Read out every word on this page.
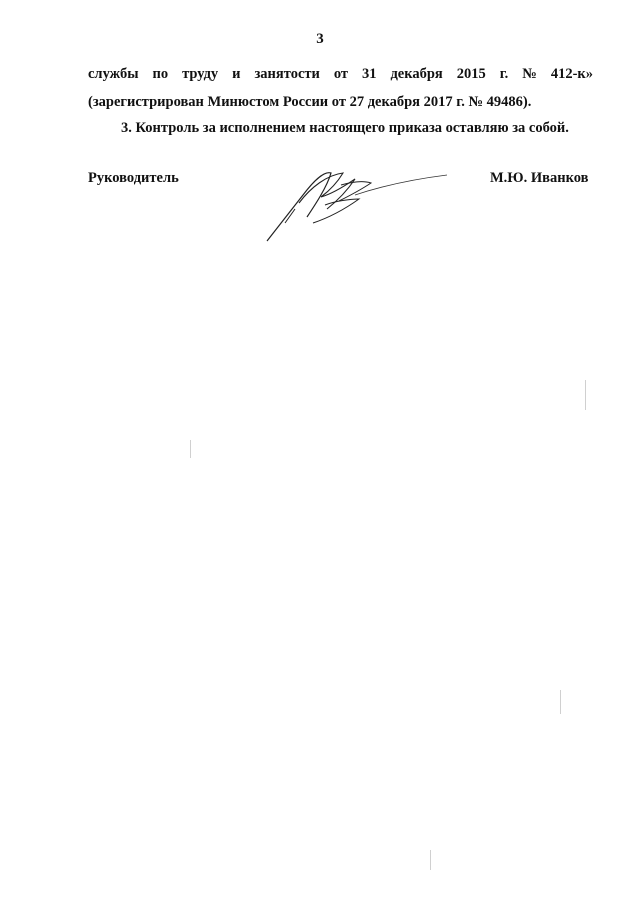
3
службы по труду и занятости от 31 декабря 2015 г. № 412-к»
(зарегистрирован Минюстом России от 27 декабря 2017 г. № 49486).
3. Контроль за исполнением настоящего приказа оставляю за собой.
Руководитель	М.Ю. Иванков
